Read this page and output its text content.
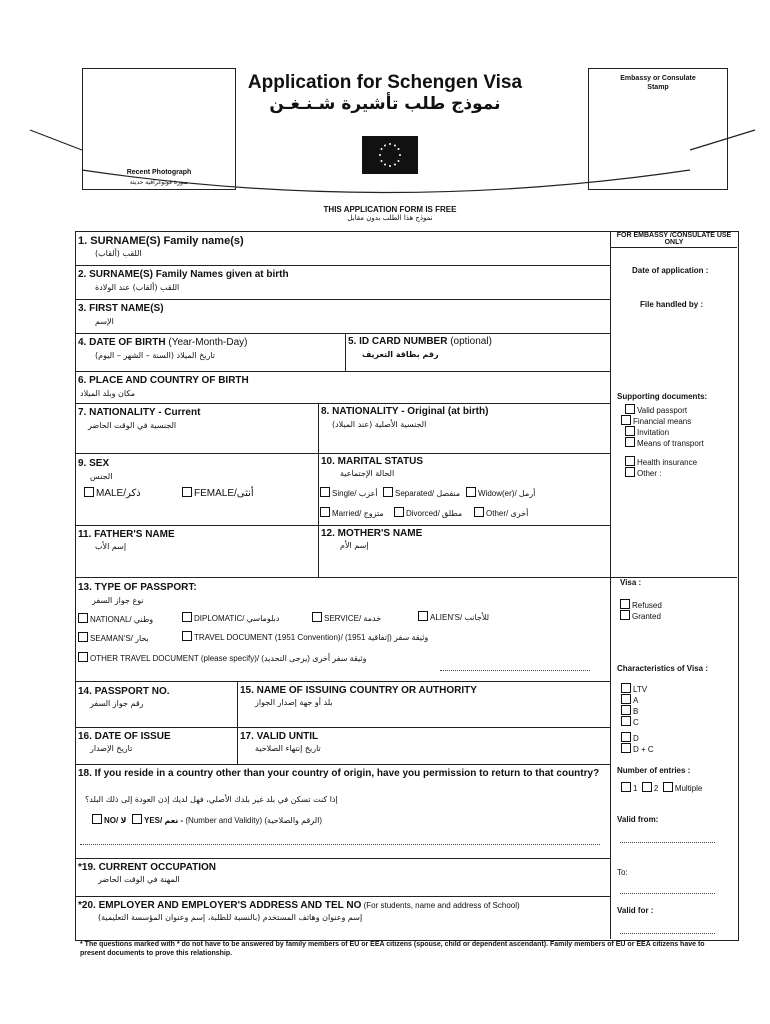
Recent Photograph
صورة فوتوغرافية حديثة
Embassy or Consulate Stamp
Application for Schengen Visa
نموذج طلب تأشيرة شـنـغـن
THIS APPLICATION FORM IS FREE
نموذج هذا الطلب بدون مقابل
FOR EMBASSY /CONSULATE USE ONLY
1. SURNAME(S) Family name(s)
اللقب (ألقاب)
2. SURNAME(S) Family Names given at birth
اللقب (ألقاب) عند الولادة
3. FIRST NAME(S)
الإسم
4. DATE OF BIRTH (Year-Month-Day)
تاريخ الميلاد (السنة – الشهر – اليوم)
5. ID CARD NUMBER (optional)
رقم بطاقة التعريف
6. PLACE AND COUNTRY OF BIRTH
مكان وبلد الميلاد
7. NATIONALITY - Current
الجنسية في الوقت الحاضر
8. NATIONALITY - Original (at birth)
الجنسية الأصلية (عند الميلاد)
9. SEX
الجنس
MALE/ذكر	FEMALE/أنثى
10. MARITAL STATUS
الحالة الإجتماعية
Single/ أعزب	Separated/ منفصل	Widow(er)/ أرمل
Married/ متزوج	Divorced/ مطلق	Other/ أخرى
11. FATHER'S NAME
إسم الأب
12. MOTHER'S NAME
إسم الأم
13. TYPE OF PASSPORT:
نوع جواز السفر
NATIONAL/ وطني	DIPLOMATIC/ دبلوماسي	SERVICE/ خدمة	ALIEN'S/ للأجانب
SEAMAN'S/ بحار	TRAVEL DOCUMENT (1951 Convention)/ (1951 وثيقة سفر (إتفاقية
OTHER TRAVEL DOCUMENT (please specify)/ (وثيقة سفر أخرى (يرجى التحديد
14. PASSPORT NO.
رقم جواز السفر
15. NAME OF ISSUING COUNTRY OR AUTHORITY
بلد أو جهة إصدار الجواز
16. DATE OF ISSUE
تاريخ الإصدار
17. VALID UNTIL
تاريخ إنتهاء الصلاحية
18. If you reside in a country other than your country of origin, have you permission to return to that country?
إذا كنت تسكن في بلد غير بلدك الأصلي، فهل لديك إذن العودة إلى ذلك البلد؟
NO/ لا	YES/ نعم - (Number and Validity) (الرقم والصلاحية)
*19. CURRENT OCCUPATION
المهنة في الوقت الحاضر
*20. EMPLOYER AND EMPLOYER'S ADDRESS AND TEL NO (For students, name and address of School)
إسم وعنوان وهاتف المستخدم (بالنسبة للطلبة، إسم وعنوان المؤسسة التعليمية)
Date of application :
File handled by :
Supporting documents:
Valid passport
Financial means
Invitation
Means of transport
Health insurance
Other :
Visa :
Refused
Granted
Characteristics of Visa :
LTV
A
B
C
D
D + C
Number of entries :
1 2 Multiple
Valid from:
To:
Valid for :
* The questions marked with * do not have to be answered by family members of EU or EEA citizens (spouse, child or dependent ascendant). Family members of EU or EEA citizens have to present documents to prove this relationship.
